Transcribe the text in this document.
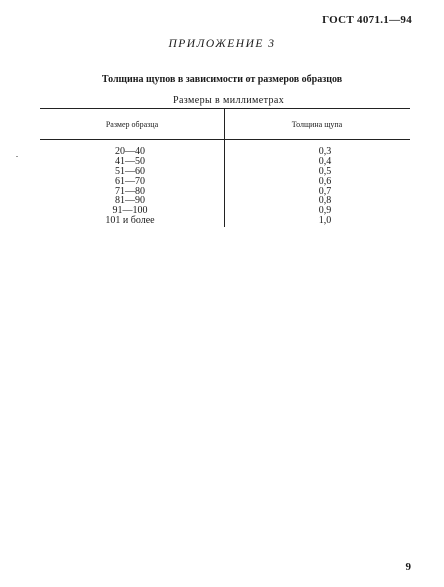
ГОСТ 4071.1—94
ПРИЛОЖЕНИЕ 3
Толщина щупов в зависимости от размеров образцов
Размеры в миллиметрах
Размер образца	Толщина щупа
20—40
41—50
51—60
61—70
71—80
81—90
91—100
101 и более
0,3
0,4
0,5
0,6
0,7
0,8
0,9
1,0
9
